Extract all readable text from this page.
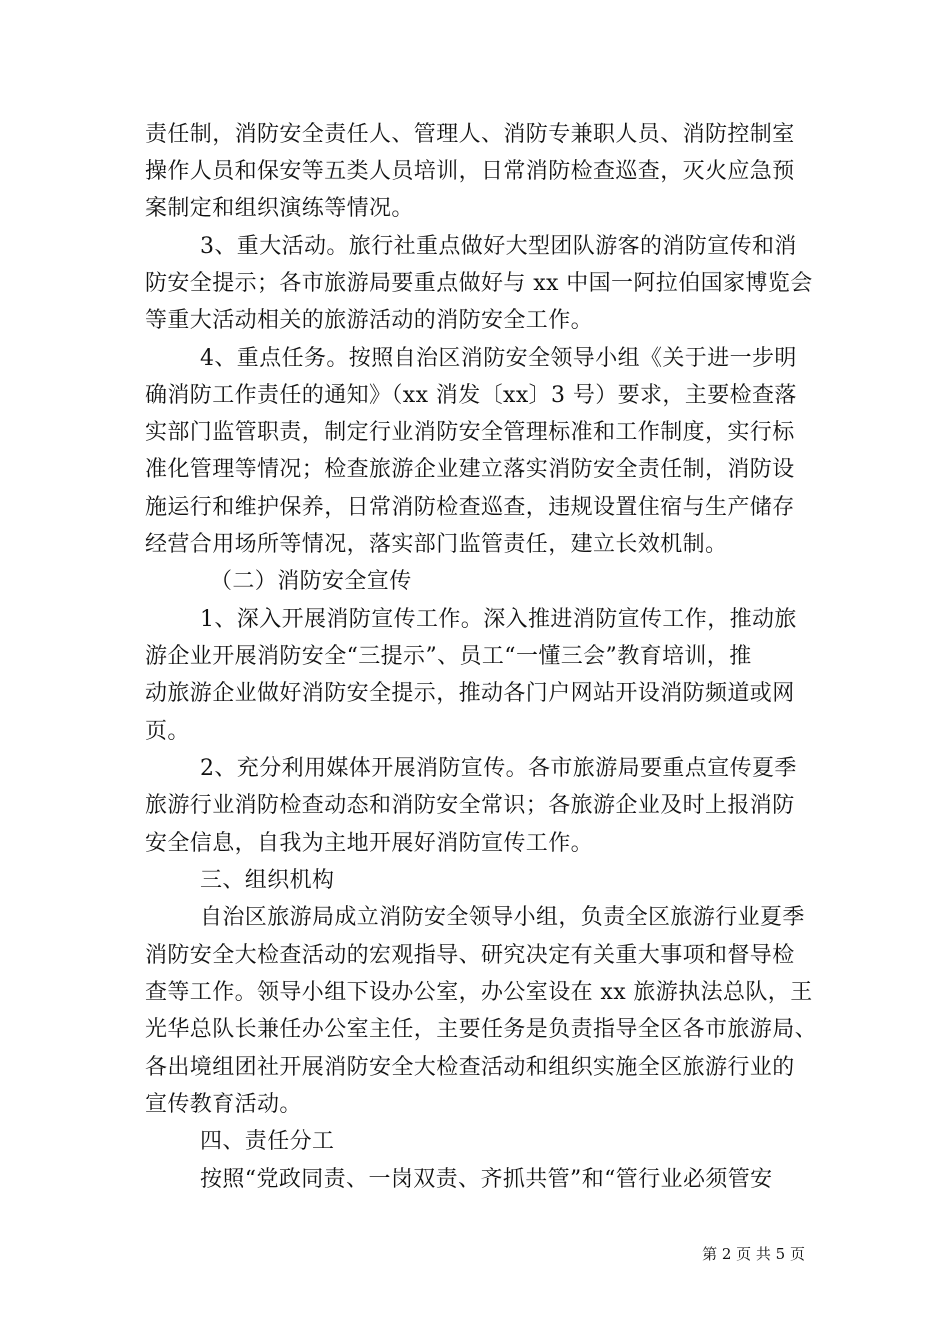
责任制，消防安全责任人、管理人、消防专兼职人员、消防控制室
操作人员和保安等五类人员培训，日常消防检查巡查，灭火应急预
案制定和组织演练等情况。
3、重大活动。旅行社重点做好大型团队游客的消防宣传和消
防安全提示；各市旅游局要重点做好与 xx 中国一阿拉伯国家博览会
等重大活动相关的旅游活动的消防安全工作。
4、重点任务。按照自治区消防安全领导小组《关于进一步明
确消防工作责任的通知》（xx 消发〔xx〕3 号）要求，主要检查落
实部门监管职责，制定行业消防安全管理标准和工作制度，实行标
准化管理等情况；检查旅游企业建立落实消防安全责任制，消防设
施运行和维护保养，日常消防检查巡查，违规设置住宿与生产储存
经营合用场所等情况，落实部门监管责任，建立长效机制。
（二）消防安全宣传
1、深入开展消防宣传工作。深入推进消防宣传工作，推动旅
游企业开展消防安全“三提示”、员工“一懂三会”教育培训，推
动旅游企业做好消防安全提示，推动各门户网站开设消防频道或网
页。
2、充分利用媒体开展消防宣传。各市旅游局要重点宣传夏季
旅游行业消防检查动态和消防安全常识；各旅游企业及时上报消防
安全信息，自我为主地开展好消防宣传工作。
三、组织机构
自治区旅游局成立消防安全领导小组，负责全区旅游行业夏季
消防安全大检查活动的宏观指导、研究决定有关重大事项和督导检
查等工作。领导小组下设办公室，办公室设在 xx 旅游执法总队，王
光华总队长兼任办公室主任，主要任务是负责指导全区各市旅游局、
各出境组团社开展消防安全大检查活动和组织实施全区旅游行业的
宣传教育活动。
四、责任分工
按照“党政同责、一岗双责、齐抓共管”和“管行业必须管安
第 2 页 共 5 页
